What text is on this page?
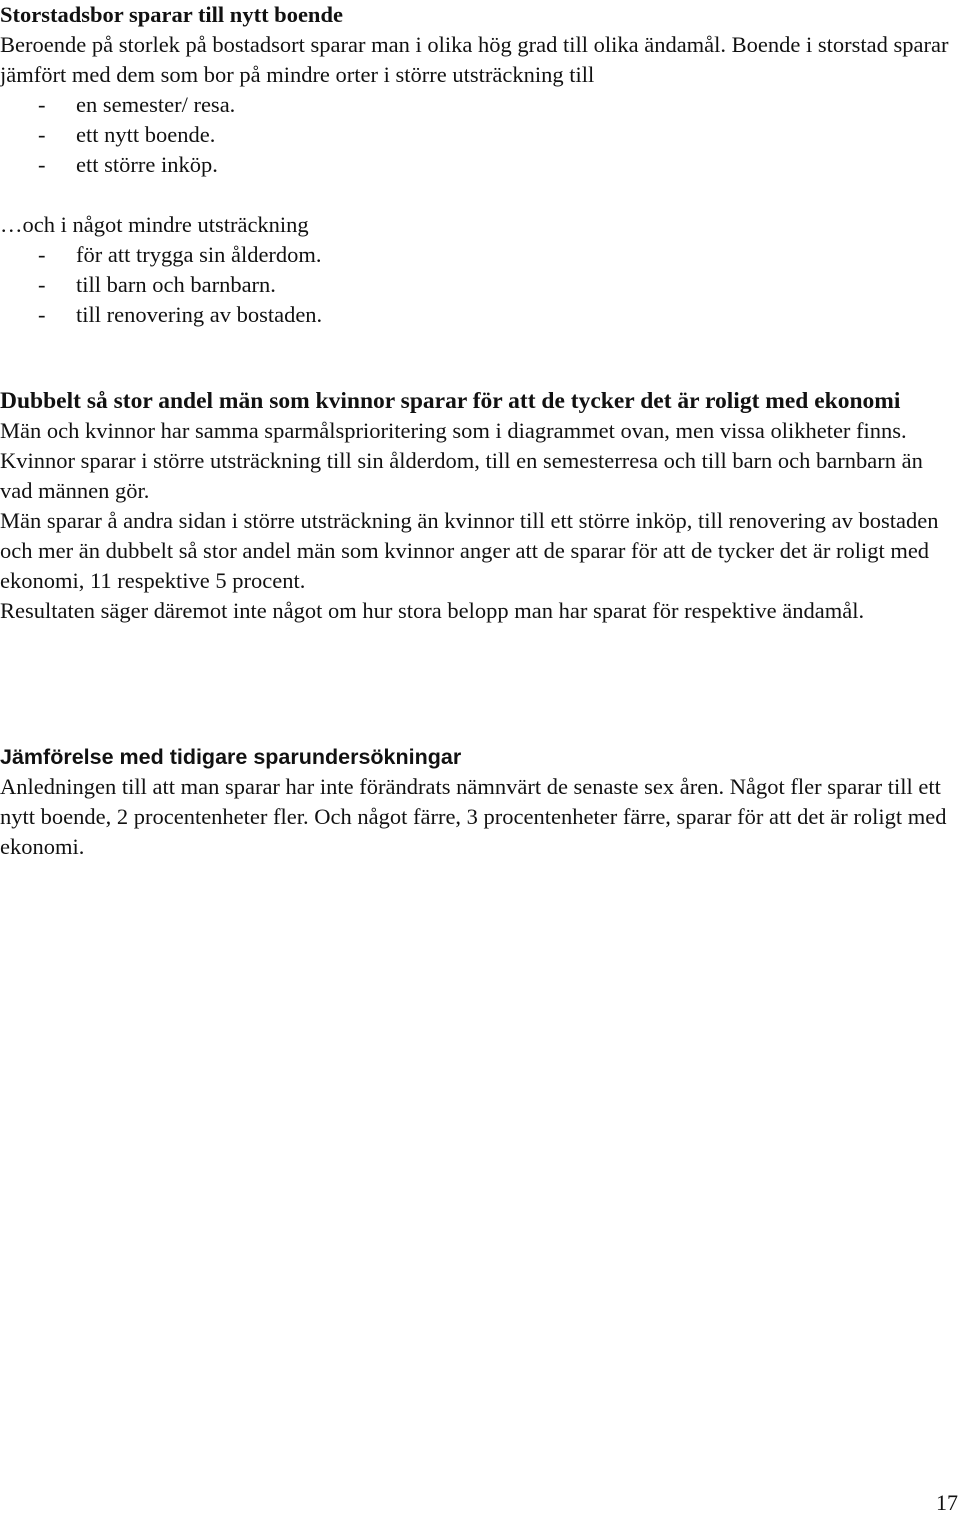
Storstadsbor sparar till nytt boende

Beroende på storlek på bostadsort sparar man i olika hög grad till olika ändamål. Boende i storstad sparar jämfört med dem som bor på mindre orter i större utsträckning till

- en semester/ resa.
- ett nytt boende.
- ett större inköp.

…och i något mindre utsträckning

- för att trygga sin ålderdom.
- till barn och barnbarn.
- till renovering av bostaden.
Dubbelt så stor andel män som kvinnor sparar för att de tycker det är roligt med ekonomi

Män och kvinnor har samma sparmålsprioritering som i diagrammet ovan, men vissa olikheter finns. Kvinnor sparar i större utsträckning till sin ålderdom, till en semesterresa och till barn och barnbarn än vad männen gör.

Män sparar å andra sidan i större utsträckning än kvinnor till ett större inköp, till renovering av bostaden och mer än dubbelt så stor andel män som kvinnor anger att de sparar för att de tycker det är roligt med ekonomi, 11 respektive 5 procent.

Resultaten säger däremot inte något om hur stora belopp man har sparat för respektive ändamål.

Jämförelse med tidigare sparundersökningar

Anledningen till att man sparar har inte förändrats nämnvärt de senaste sex åren. Något fler sparar till ett nytt boende, 2 procentenheter fler. Och något färre, 3 procentenheter färre, sparar för att det är roligt med ekonomi.

17
